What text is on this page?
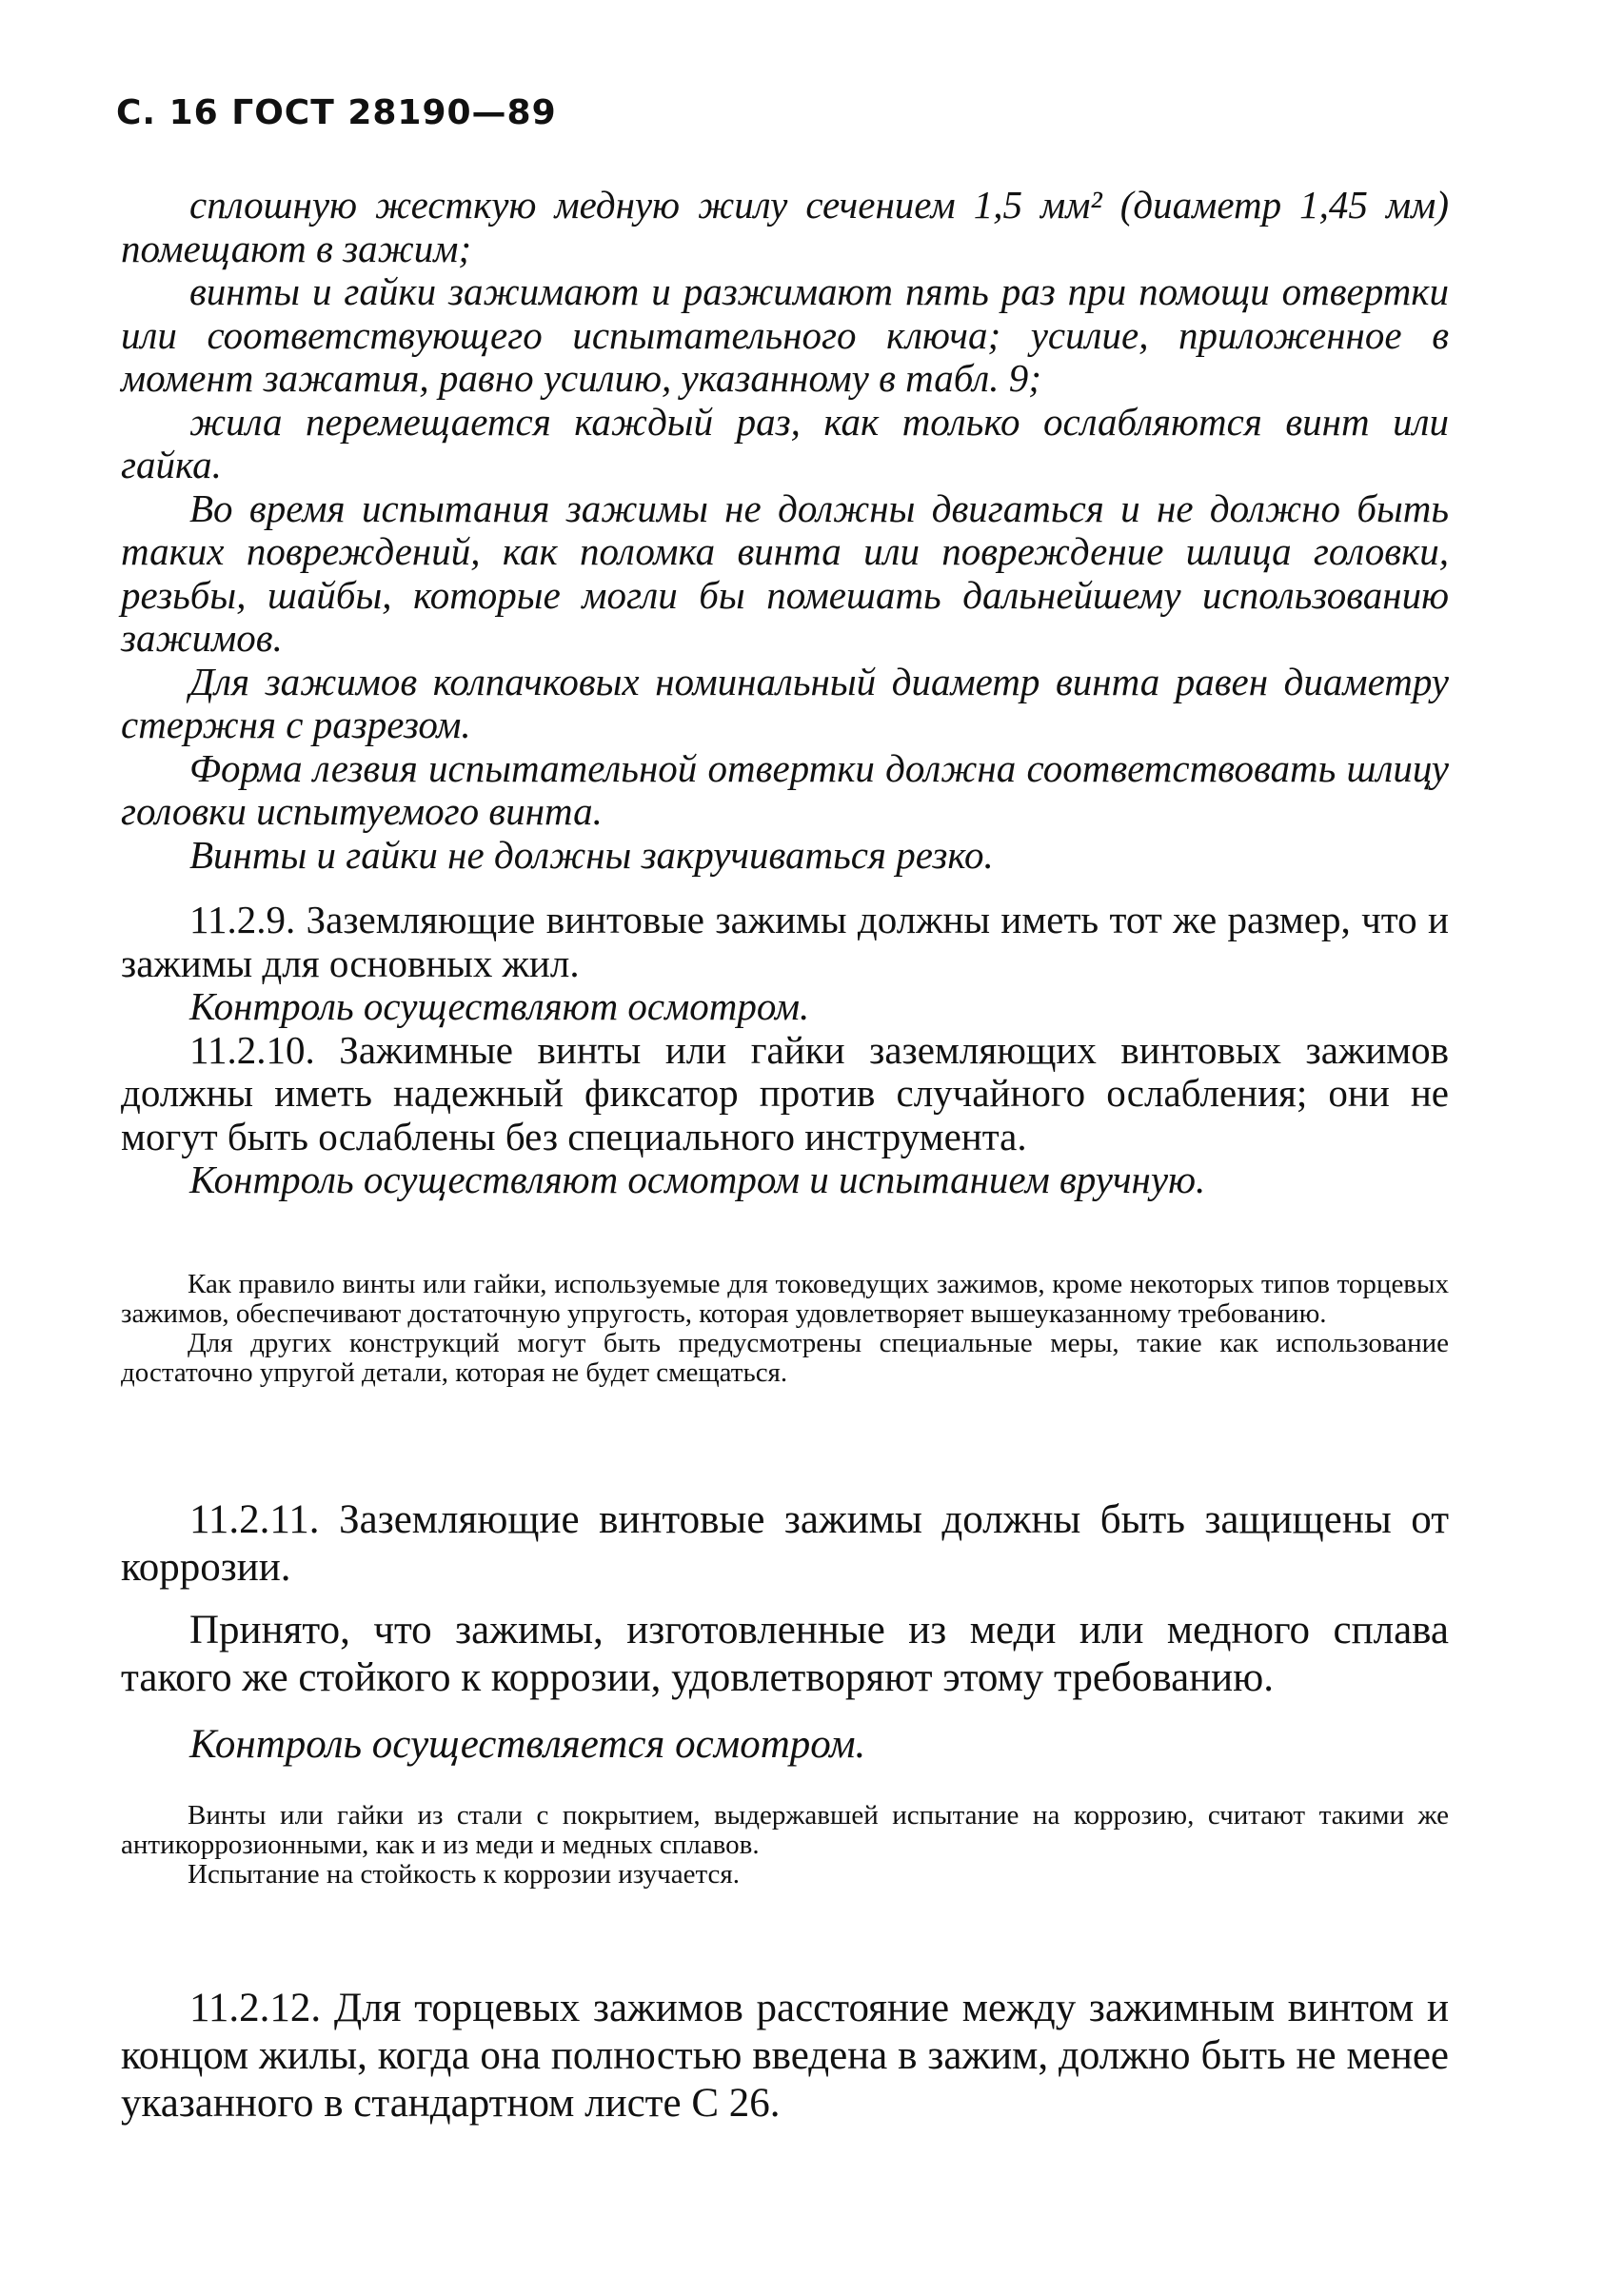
С. 16 ГОСТ 28190—89

сплошную жесткую медную жилу сечением 1,5 мм² (диаметр 1,45 мм) помещают в зажим;

винты и гайки зажимают и разжимают пять раз при помощи отвертки или соответствующего испытательного ключа; усилие, приложенное в момент зажатия, равно усилию, указанному в табл. 9;

жила перемещается каждый раз, как только ослабляются винт или гайка.

Во время испытания зажимы не должны двигаться и не должно быть таких повреждений, как поломка винта или повреждение шлица головки, резьбы, шайбы, которые могли бы помешать дальнейшему использованию зажимов.

Для зажимов колпачковых номинальный диаметр винта равен диаметру стержня с разрезом.

Форма лезвия испытательной отвертки должна соответствовать шлицу головки испытуемого винта.

Винты и гайки не должны закручиваться резко.

11.2.9. Заземляющие винтовые зажимы должны иметь тот же размер, что и зажимы для основных жил.

Контроль осуществляют осмотром.

11.2.10. Зажимные винты или гайки заземляющих винтовых зажимов должны иметь надежный фиксатор против случайного ослабления; они не могут быть ослаблены без специального инструмента.

Контроль осуществляют осмотром и испытанием вручную.

Как правило винты или гайки, используемые для токоведущих зажимов, кроме некоторых типов торцевых зажимов, обеспечивают достаточную упругость, которая удовлетворяет вышеуказанному требованию.

Для других конструкций могут быть предусмотрены специальные меры, такие как использование достаточно упругой детали, которая не будет смещаться.

11.2.11. Заземляющие винтовые зажимы должны быть защищены от коррозии.

Принято, что зажимы, изготовленные из меди или медного сплава такого же стойкого к коррозии, удовлетворяют этому требованию.

Контроль осуществляется осмотром.

Винты или гайки из стали с покрытием, выдержавшей испытание на коррозию, считают такими же антикоррозионными, как и из меди и медных сплавов.

Испытание на стойкость к коррозии изучается.

11.2.12. Для торцевых зажимов расстояние между зажимным винтом и концом жилы, когда она полностью введена в зажим, должно быть не менее указанного в стандартном листе С 26.
